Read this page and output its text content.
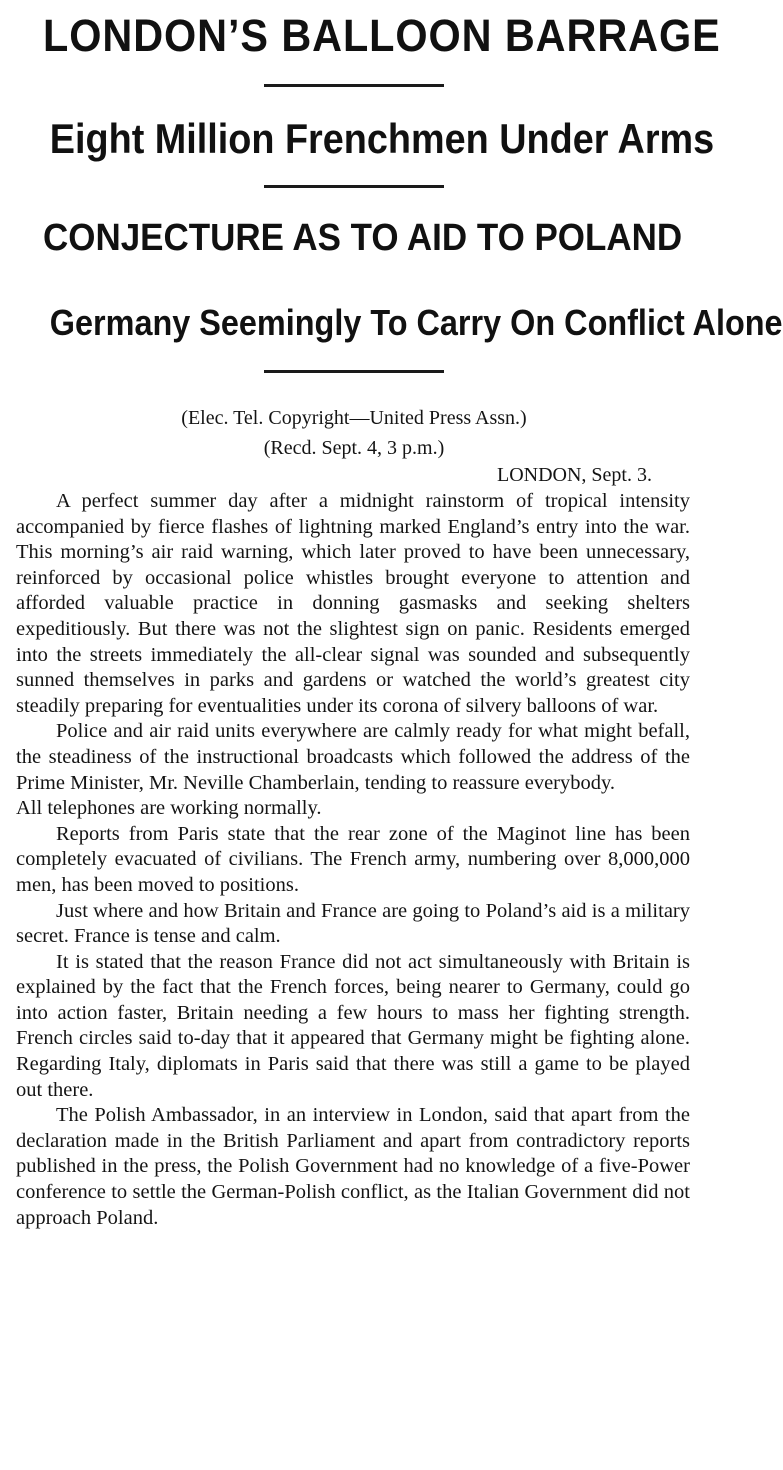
LONDON’S BALLOON BARRAGE
Eight Million Frenchmen Under Arms
CONJECTURE AS TO AID TO POLAND
Germany Seemingly To Carry On Conflict Alone

(Elec. Tel. Copyright—United Press Assn.)

(Recd. Sept. 4, 3 p.m.)

LONDON, Sept. 3.

A perfect summer day after a midnight rainstorm of tropical intensity accompanied by fierce flashes of lightning marked England’s entry into the war. This morning’s air raid warning, which later proved to have been unnecessary, reinforced by occasional police whistles brought everyone to attention and afforded valuable practice in donning gasmasks and seeking shelters expeditiously. But there was not the slightest sign on panic. Residents emerged into the streets immediately the all-clear signal was sounded and subsequently sunned themselves in parks and gardens or watched the world’s greatest city steadily preparing for eventualities under its corona of silvery balloons of war.

Police and air raid units everywhere are calmly ready for what might befall, the steadiness of the instructional broadcasts which followed the address of the Prime Minister, Mr. Neville Chamberlain, tending to reassure everybody.

All telephones are working normally.

Reports from Paris state that the rear zone of the Maginot line has been completely evacuated of civilians. The French army, numbering over 8,000,000 men, has been moved to positions.

Just where and how Britain and France are going to Poland’s aid is a military secret. France is tense and calm.

It is stated that the reason France did not act simultaneously with Britain is explained by the fact that the French forces, being nearer to Germany, could go into action faster, Britain needing a few hours to mass her fighting strength. French circles said to-day that it appeared that Germany might be fighting alone. Regarding Italy, diplomats in Paris said that there was still a game to be played out there.

The Polish Ambassador, in an interview in London, said that apart from the declaration made in the British Parliament and apart from contradictory reports published in the press, the Polish Government had no knowledge of a five-Power conference to settle the German-Polish conflict, as the Italian Government did not approach Poland.
